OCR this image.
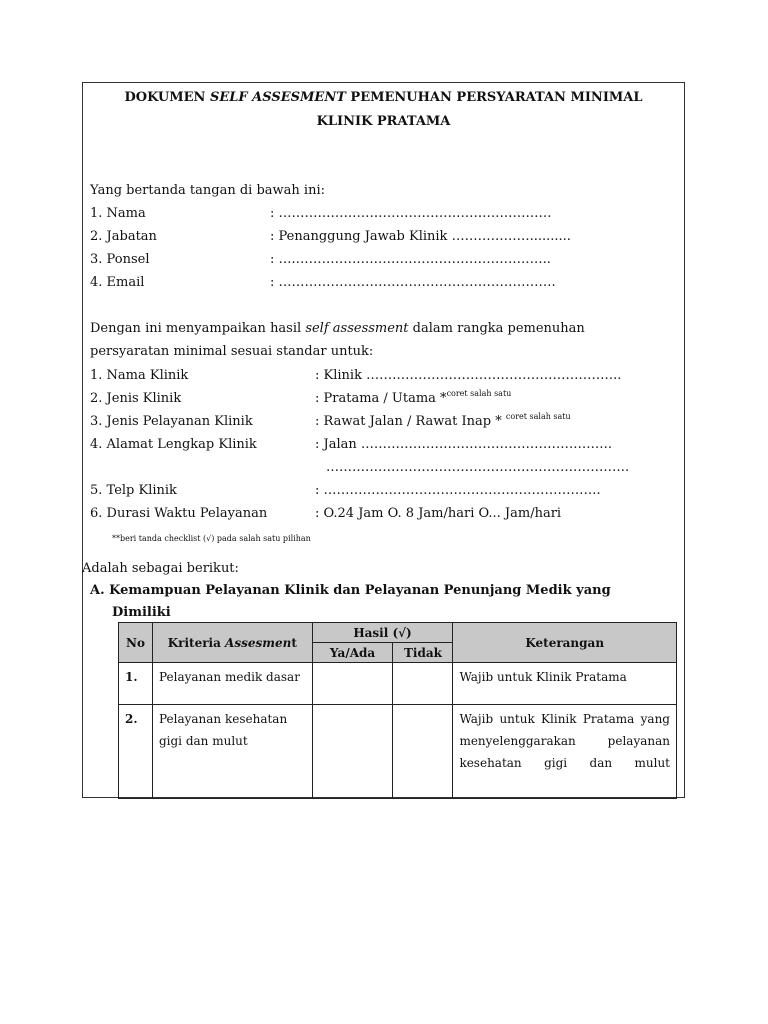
DOKUMEN SELF ASSESMENT PEMENUHAN PERSYARATAN MINIMAL
KLINIK PRATAMA
Yang bertanda tangan di bawah ini:
1. Nama	: ………………………………………………………
2. Jabatan	: Penanggung Jawab Klinik ………………..........
3. Ponsel	: ….…………………………………………………..
4. Email	: ……………………………………………………….
Dengan ini menyampaikan hasil self assessment dalam rangka pemenuhan
persyaratan minimal sesuai standar untuk:
1. Nama Klinik	: Klinik …………………………………………………..
2. Jenis Klinik	: Pratama / Utama *$^{coret salah satu}$
3. Jenis Pelayanan Klinik	: Rawat Jalan / Rawat Inap * $^{coret salah satu}$
4. Alamat Lengkap Klinik	: Jalan ………………………………………………….
…………………………………………………………….
5. Telp Klinik	: ……………………………………………………….
6. Durasi Waktu Pelayanan	: O.24 Jam O. 8 Jam/hari O... Jam/hari
**beri tanda checklist (√) pada salah satu pilihan
Adalah sebagai berikut:
A. Kemampuan Pelayanan Klinik dan Pelayanan Penunjang Medik yang
Dimiliki
No	Kriteria Assesment	Hasil (√)		Keterangan
		Ya/Ada	Tidak	
1.	Pelayanan medik dasar			Wajib untuk Klinik Pratama
2.	Pelayanan kesehatan gigi dan mulut			Wajib untuk Klinik Pratama yang menyelenggarakan pelayanan kesehatan gigi dan mulut
